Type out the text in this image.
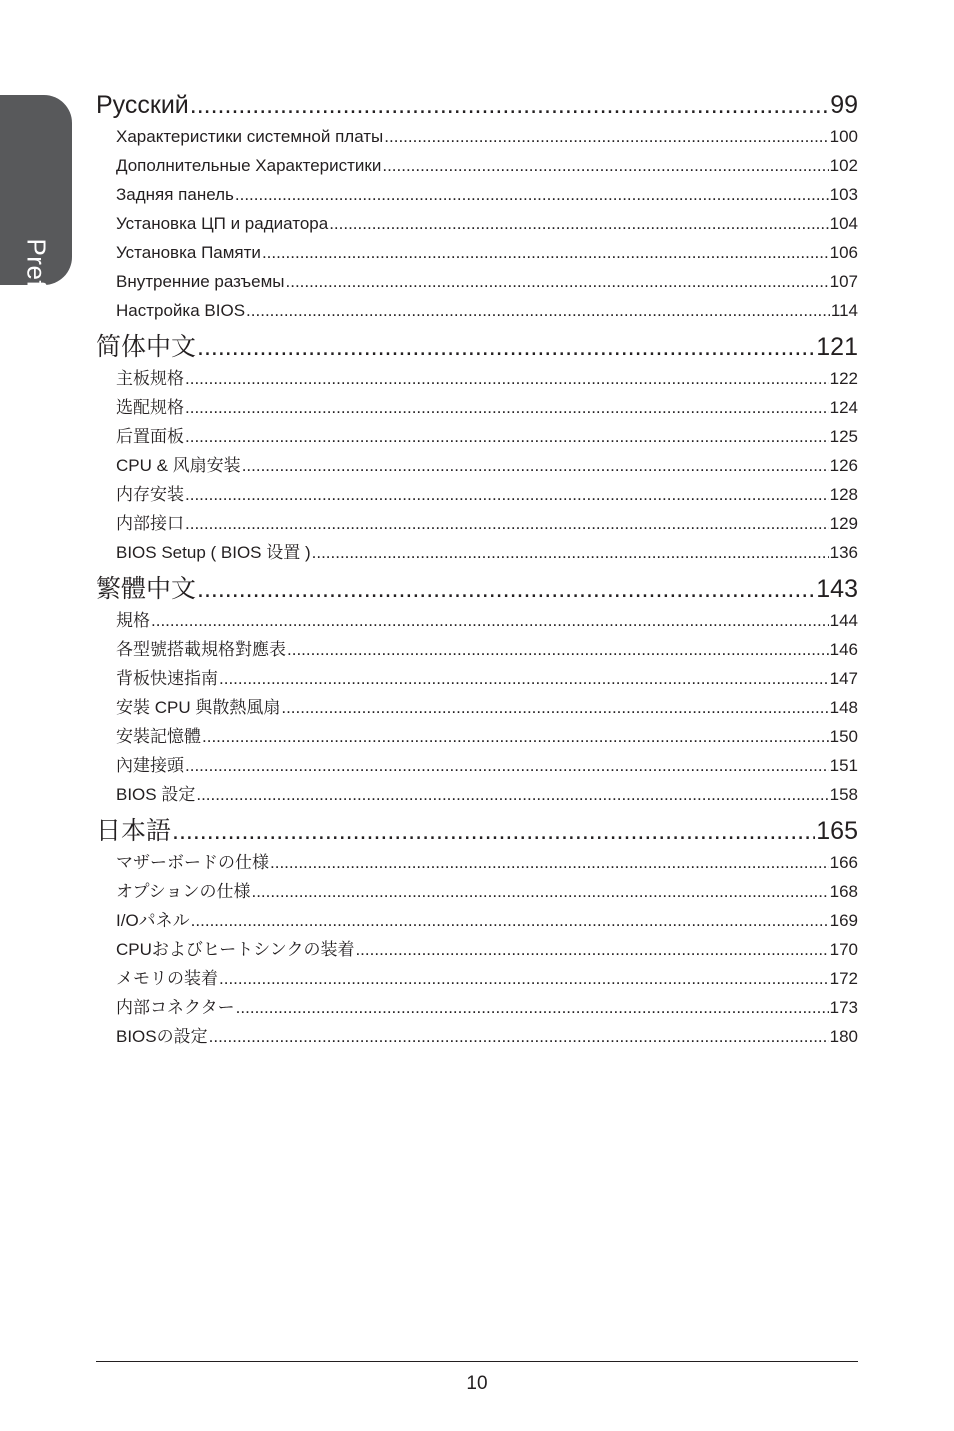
Preface
Русский .....	99
Характеристики системной платы .....	100
Дополнительные Характеристики .....	102
Задняя панель .....	103
Установка ЦП и радиатора .....	104
Установка Памяти .....	106
Внутренние разъемы .....	107
Настройка BIOS .....	114
简体中文 .....	121
主板规格 .....	122
选配规格 .....	124
后置面板 .....	125
CPU & 风扇安装 .....	126
内存安装 .....	128
内部接口 .....	129
BIOS Setup ( BIOS 设置 ) .....	136
繁體中文 .....	143
規格 .....	144
各型號搭載規格對應表 .....	146
背板快速指南 .....	147
安裝 CPU 與散熱風扇 .....	148
安裝記憶體 .....	150
內建接頭 .....	151
BIOS 設定 .....	158
日本語 .....	165
マザーボードの仕様 .....	166
オプションの仕様 .....	168
I/Oパネル .....	169
CPUおよびヒートシンクの装着 .....	170
メモリの装着 .....	172
内部コネクター .....	173
BIOSの設定 .....	180
10
